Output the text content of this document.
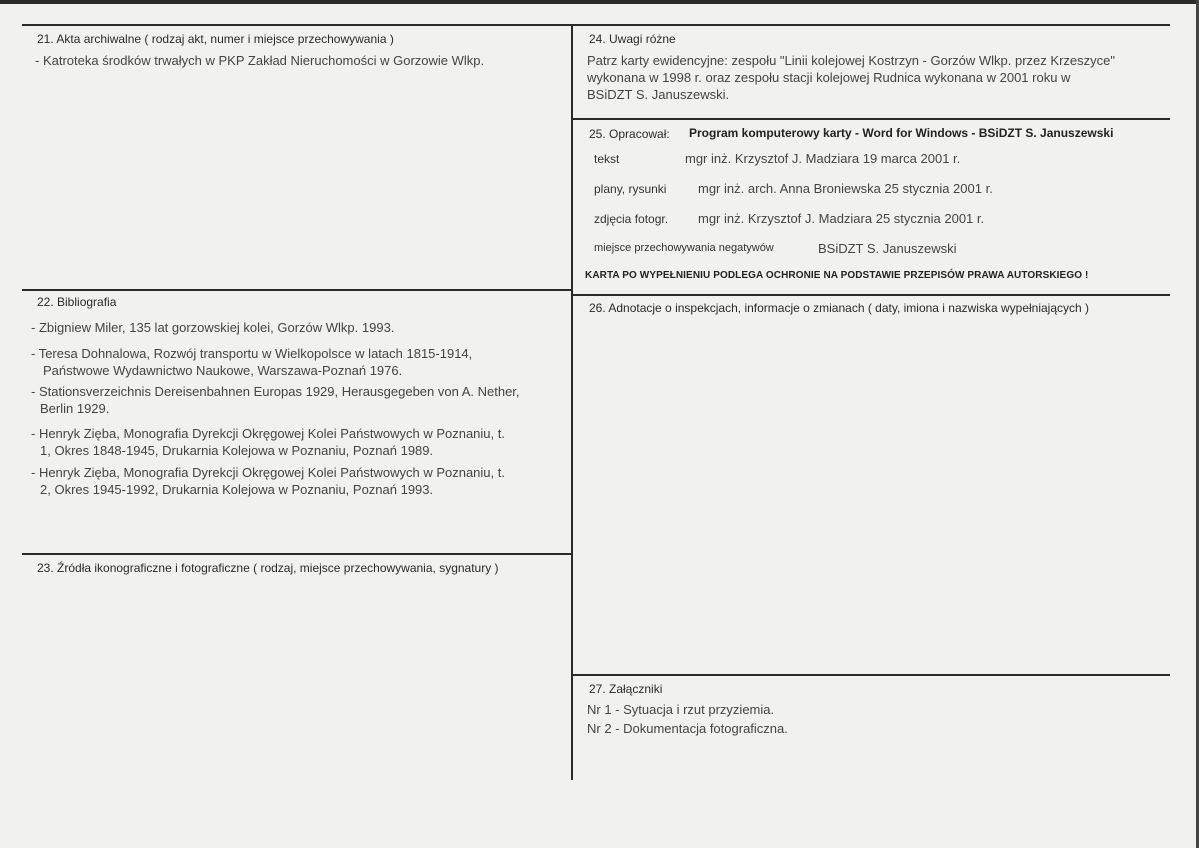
21. Akta archiwalne ( rodzaj akt, numer i miejsce przechowywania )
- Katroteka środków trwałych w PKP Zakład Nieruchomości w Gorzowie Wlkp.
22. Bibliografia
- Zbigniew Miler, 135 lat gorzowskiej kolei, Gorzów Wlkp. 1993.
- Teresa Dohnalowa, Rozwój transportu w Wielkopolsce w latach 1815-1914,
Państwowe Wydawnictwo Naukowe, Warszawa-Poznań 1976.
- Stationsverzeichnis Dereisenbahnen Europas 1929, Herausgegeben von A. Nether,
Berlin 1929.
- Henryk Zięba, Monografia Dyrekcji Okręgowej Kolei Państwowych w Poznaniu, t.
1, Okres 1848-1945, Drukarnia Kolejowa w Poznaniu, Poznań 1989.
- Henryk Zięba, Monografia Dyrekcji Okręgowej Kolei Państwowych w Poznaniu, t.
2, Okres 1945-1992, Drukarnia Kolejowa w Poznaniu, Poznań 1993.
23. Źródła ikonograficzne i fotograficzne ( rodzaj, miejsce przechowywania, sygnatury )
24. Uwagi różne
Patrz karty ewidencyjne: zespołu "Linii kolejowej Kostrzyn - Gorzów Wlkp. przez Krzeszyce"
wykonana w 1998 r. oraz zespołu stacji kolejowej Rudnica wykonana w 2001 roku w
BSiDZT S. Januszewski.
25. Opracował: Program komputerowy karty - Word for Windows - BSiDZT S. Januszewski
tekst	mgr inż. Krzysztof J. Madziara 19 marca 2001 r.
plany, rysunki mgr inż. arch. Anna Broniewska 25 stycznia 2001 r.
zdjęcia fotogr. mgr inż. Krzysztof J. Madziara 25 stycznia 2001 r.
miejsce przechowywania negatywów	BSiDZT S. Januszewski
KARTA PO WYPEŁNIENIU PODLEGA OCHRONIE NA PODSTAWIE PRZEPISÓW PRAWA AUTORSKIEGO !
26. Adnotacje o inspekcjach, informacje o zmianach ( daty, imiona i nazwiska wypełniających )
27. Załączniki
Nr 1 - Sytuacja i rzut przyziemia.
Nr 2 - Dokumentacja fotograficzna.
